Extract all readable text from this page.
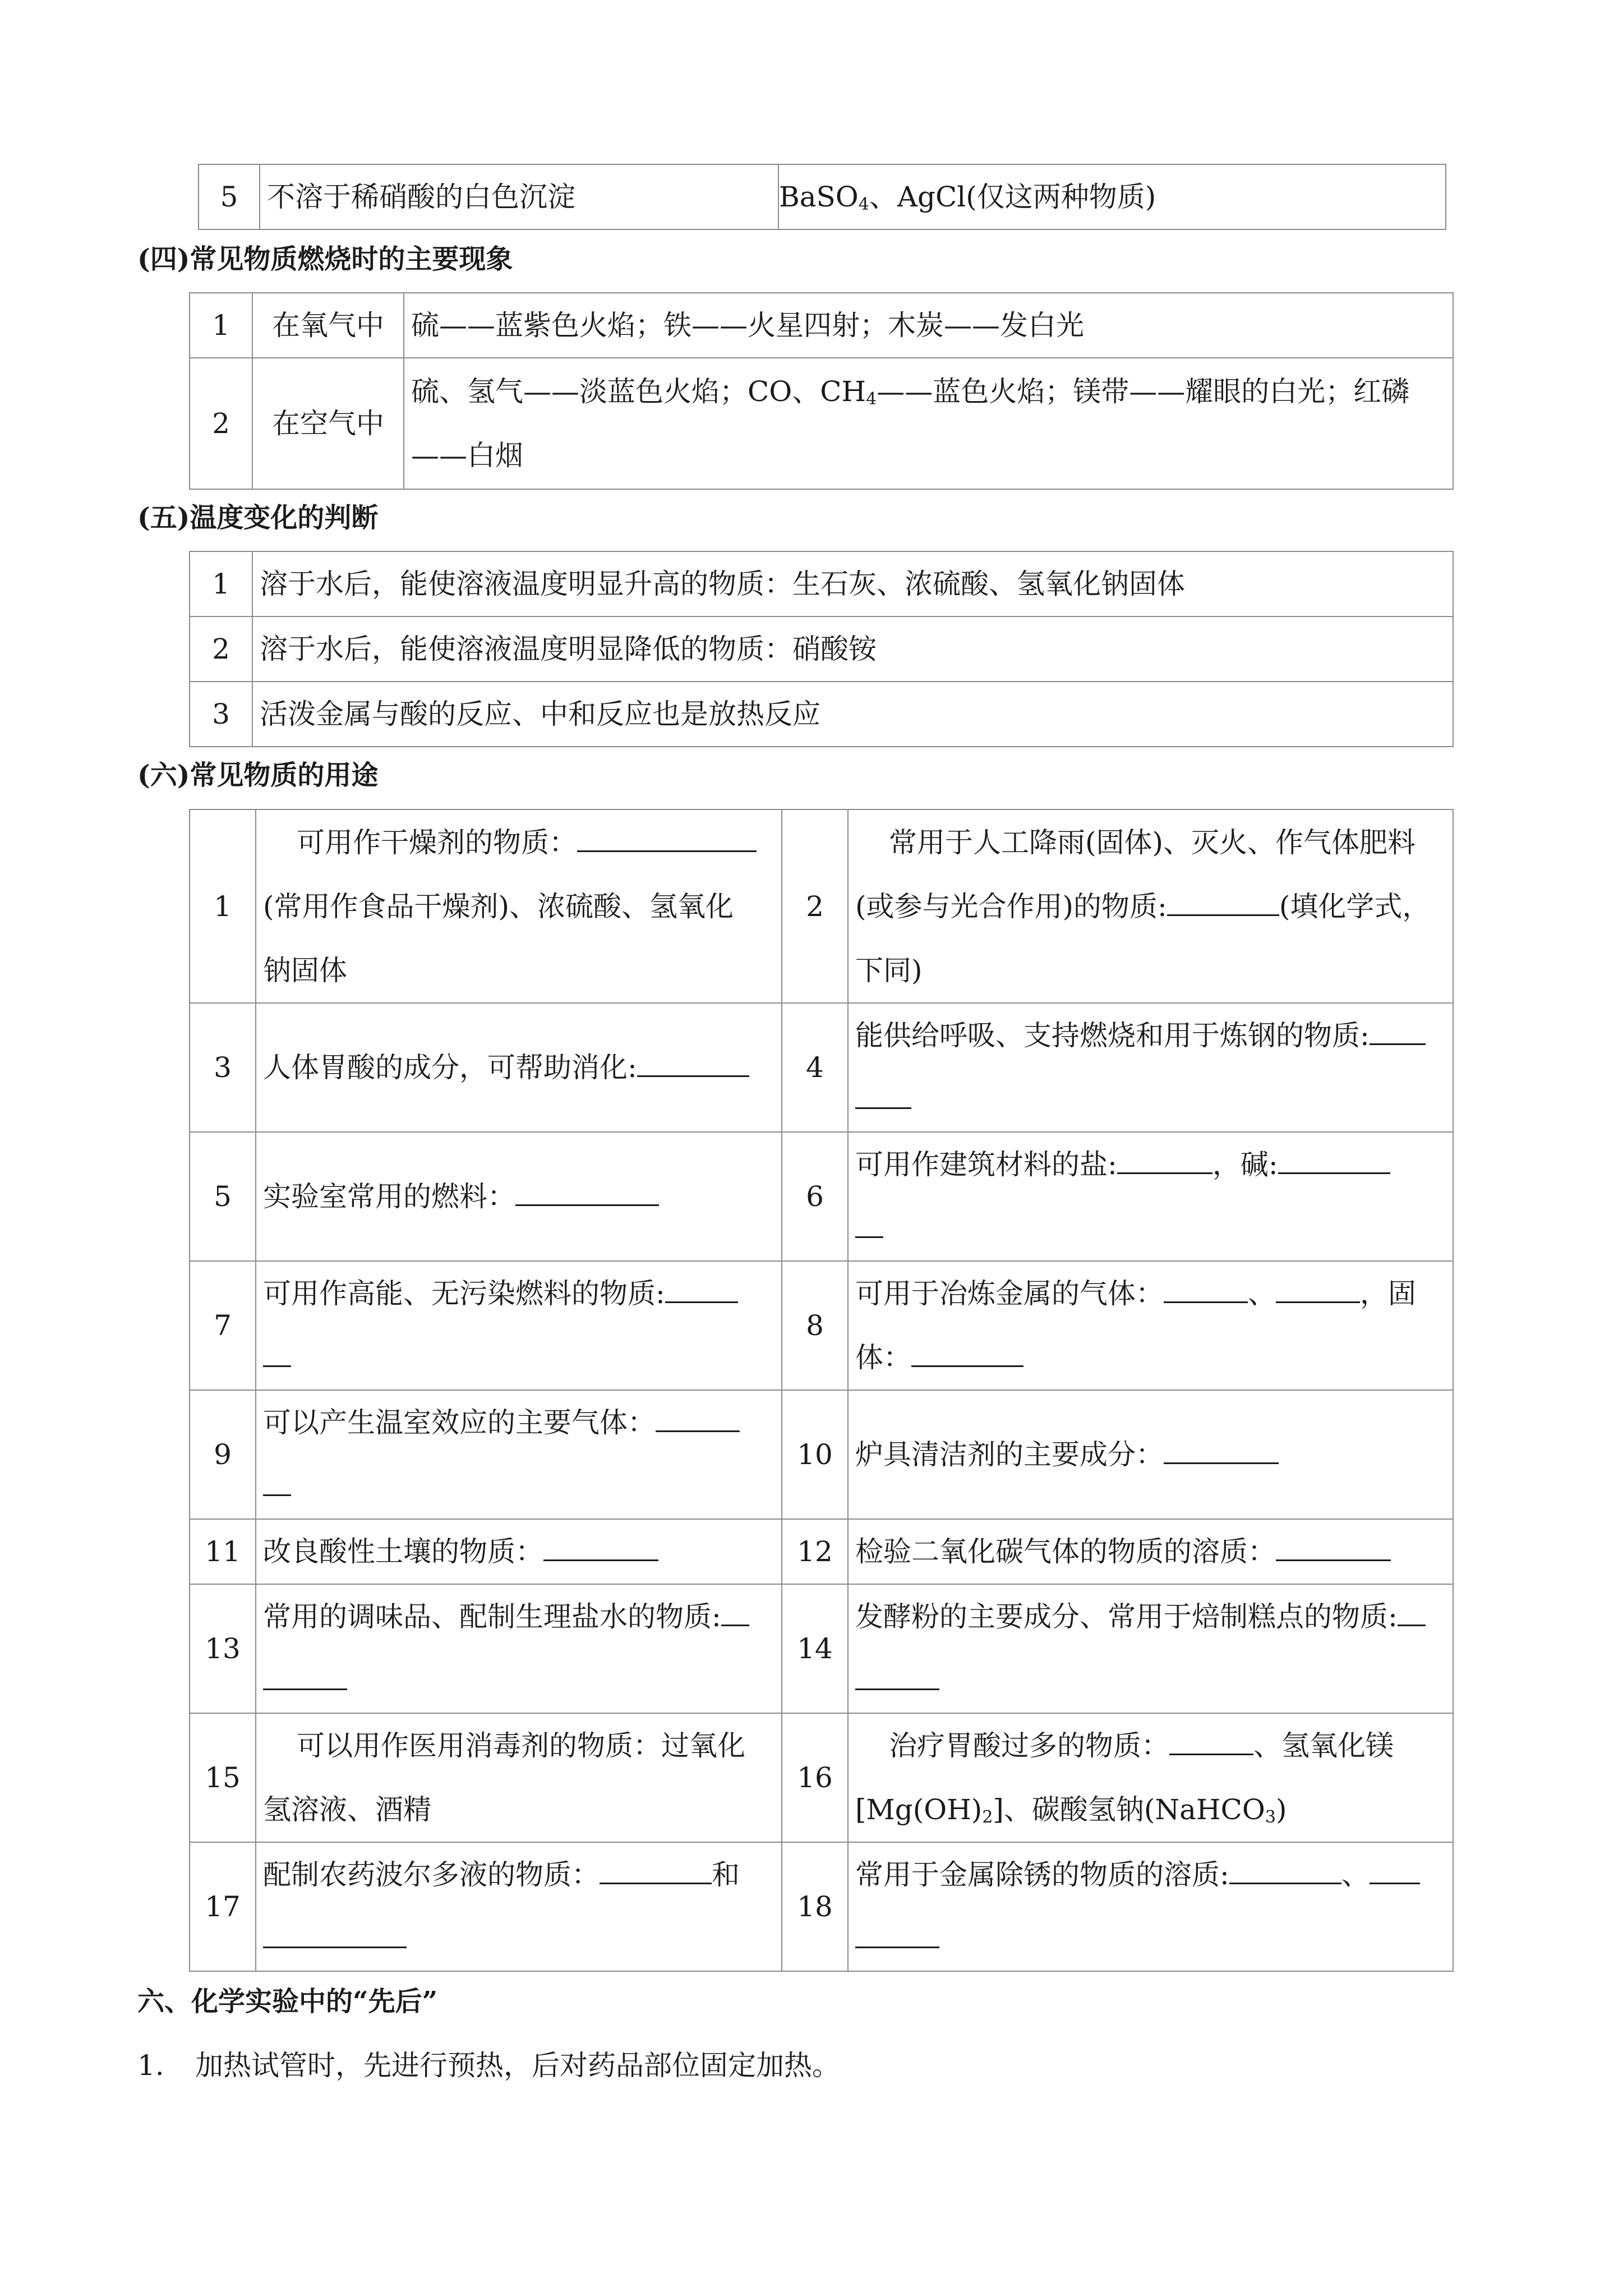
5	不溶于稀硝酸的白色沉淀	BaSO$_4$、AgCl(仅这两种物质)
(四)常见物质燃烧时的主要现象
1	在氧气中	硫——蓝紫色火焰；铁——火星四射；木炭——发白光
2	在空气中	硫、氢气——淡蓝色火焰；CO、$CH_4——$蓝色火焰；镁带——耀眼的白光；红磷
——白烟
(五)温度变化的判断
1	溶于水后，能使溶液温度明显升高的物质：生石灰、浓硫酸、氢氧化钠固体
2	溶于水后，能使溶液温度明显降低的物质：硝酸铵
3	活泼金属与酸的反应、中和反应也是放热反应
(六)常见物质的用途
1	可用作干燥剂的物质：
(常用作食品干燥剂)、浓硫酸、氢氧化
钠固体	2	常用于人工降雨(固体)、灭火、作气体肥料
(或参与光合作用)的物质: (填化学式，
下同)
3	人体胃酸的成分，可帮助消化:	4	能供给呼吸、支持燃烧和用于炼钢的物质:

5	实验室常用的燃料：	6	可用作建筑材料的盐: ，碱:

7	可用作高能、无污染燃料的物质:	8	可用于冶炼金属的气体： 、 ，固
体：
9	可以产生温室效应的主要气体：	10	炉具清洁剂的主要成分：
11	改良酸性土壤的物质：	12	检验二氧化碳气体的物质的溶质：
13	常用的调味品、配制生理盐水的物质:	14	发酵粉的主要成分、常用于焙制糕点的物质:

15	可以用作医用消毒剂的物质：过氧化
氢溶液、酒精	16	治疗胃酸过多的物质： 、氢氧化镁
$[Mg(OH)_2]$、碳酸氢钠(NaHCO$_3$)
17	配制农药波尔多液的物质： 和	18	常用于金属除锈的物质的溶质: 、

六、化学实验中的“先后”
1. 加热试管时，先进行预热，后对药品部位固定加热。
